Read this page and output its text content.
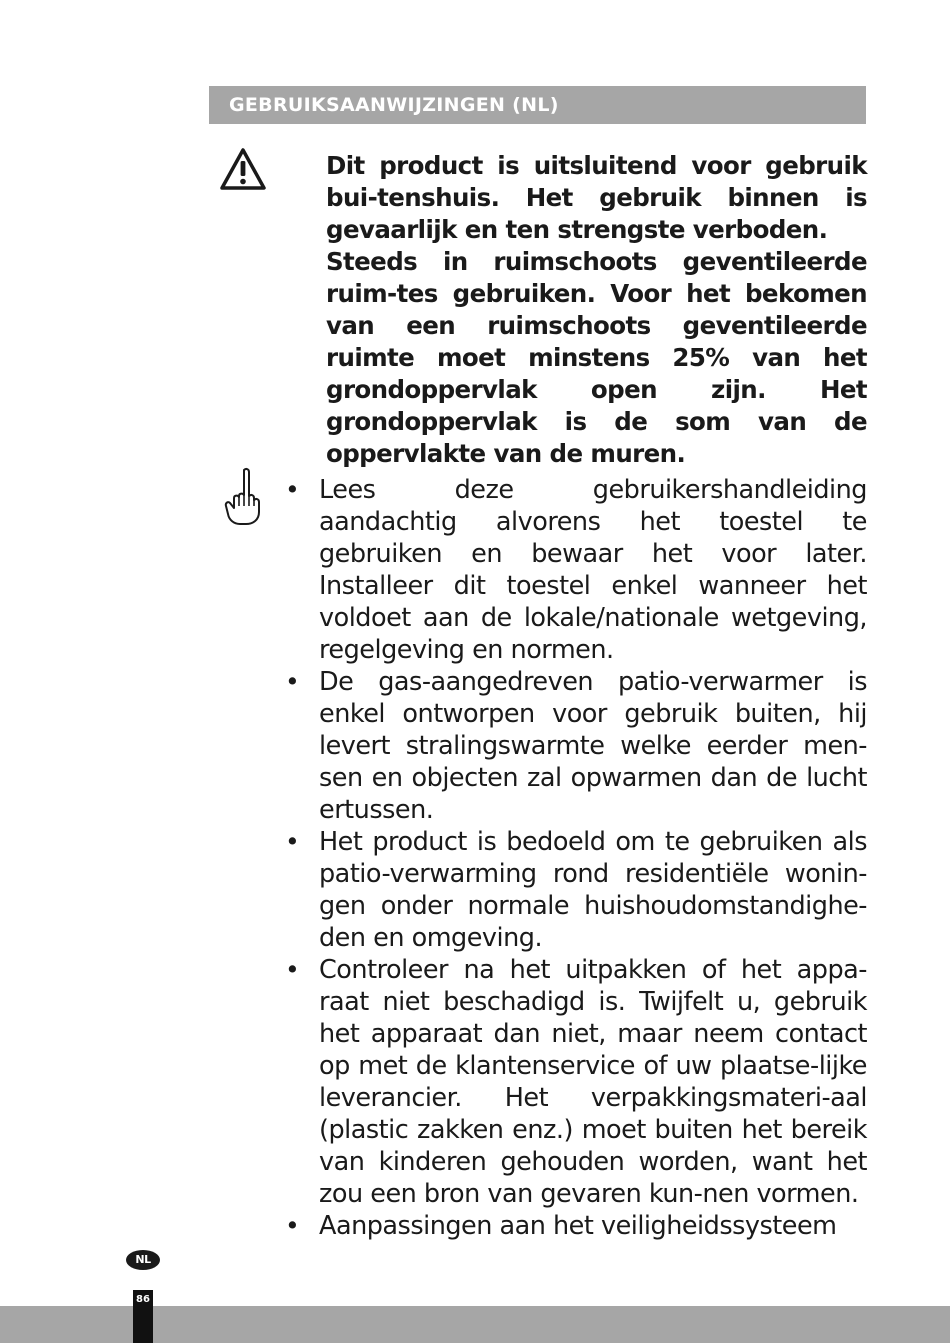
GEBRUIKSAANWIJZINGEN (NL)

Dit product is uitsluitend voor gebruik bui-tenshuis. Het gebruik binnen is gevaarlijk en ten strengste verboden.

Steeds in ruimschoots geventileerde ruim-tes gebruiken. Voor het bekomen van een ruimschoots geventileerde ruimte moet minstens 25% van het grondoppervlak open zijn. Het grondoppervlak is de som van de oppervlakte van de muren.

• Lees deze gebruikershandleiding aandachtig alvorens het toestel te gebruiken en bewaar het voor later. Installeer dit toestel enkel wanneer het voldoet aan de lokale/nationale wetgeving, regelgeving en normen.
• De gas-aangedreven patio-verwarmer is enkel ontworpen voor gebruik buiten, hij levert stralingswarmte welke eerder men-sen en objecten zal opwarmen dan de lucht ertussen.
• Het product is bedoeld om te gebruiken als patio-verwarming rond residentiële wonin-gen onder normale huishoudomstandighe-den en omgeving.
• Controleer na het uitpakken of het appa-raat niet beschadigd is. Twijfelt u, gebruik het apparaat dan niet, maar neem contact op met de klantenservice of uw plaatse-lijke leverancier. Het verpakkingsmateri-aal (plastic zakken enz.) moet buiten het bereik van kinderen gehouden worden, want het zou een bron van gevaren kun-nen vormen.
• Aanpassingen aan het veiligheidssysteem
NL
86
